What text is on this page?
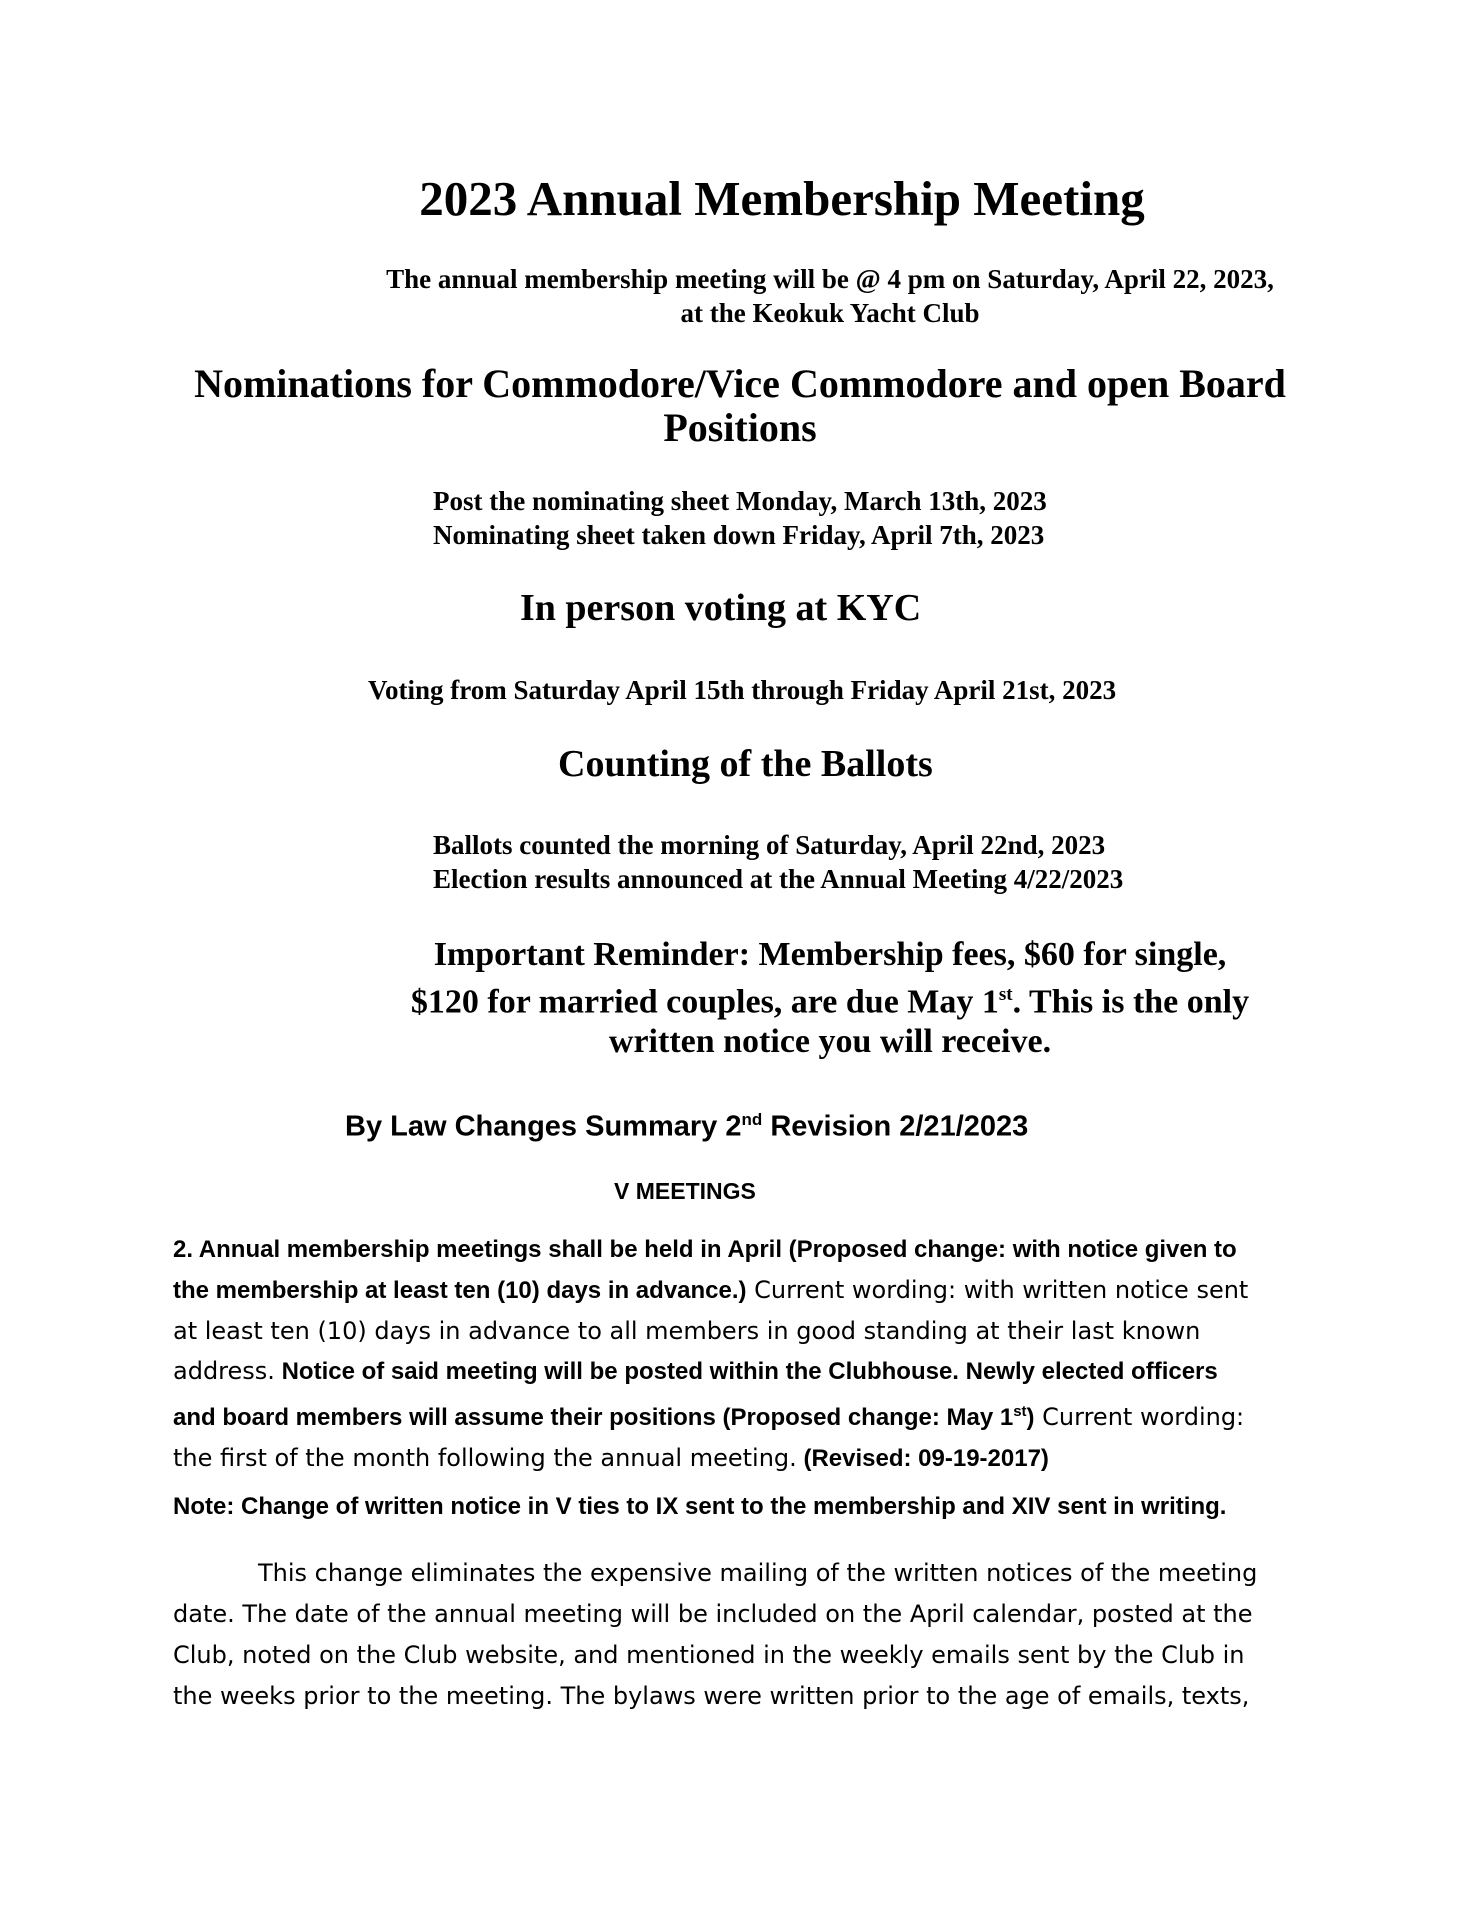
2023 Annual Membership Meeting
The annual membership meeting will be @ 4 pm on Saturday, April 22, 2023,
at the Keokuk Yacht Club
Nominations for Commodore/Vice Commodore and open Board
Positions
Post the nominating sheet Monday, March 13th, 2023
Nominating sheet taken down Friday, April 7th, 2023
In person voting at KYC
Voting from Saturday April 15th through Friday April 21st, 2023
Counting of the Ballots
Ballots counted the morning of Saturday, April 22nd, 2023
Election results announced at the Annual Meeting 4/22/2023
Important Reminder: Membership fees, $60 for single,
$120 for married couples, are due May 1st. This is the only
written notice you will receive.
By Law Changes Summary 2nd Revision 2/21/2023
V MEETINGS
2. Annual membership meetings shall be held in April (Proposed change: with notice given to
the membership at least ten (10) days in advance.) Current wording: with written notice sent
at least ten (10) days in advance to all members in good standing at their last known
address. Notice of said meeting will be posted within the Clubhouse. Newly elected officers
and board members will assume their positions (Proposed change: May 1st) Current wording:
the first of the month following the annual meeting. (Revised: 09-19-2017)
Note: Change of written notice in V ties to IX sent to the membership and XIV sent in writing.
This change eliminates the expensive mailing of the written notices of the meeting
date. The date of the annual meeting will be included on the April calendar, posted at the
Club, noted on the Club website, and mentioned in the weekly emails sent by the Club in
the weeks prior to the meeting. The bylaws were written prior to the age of emails, texts,
